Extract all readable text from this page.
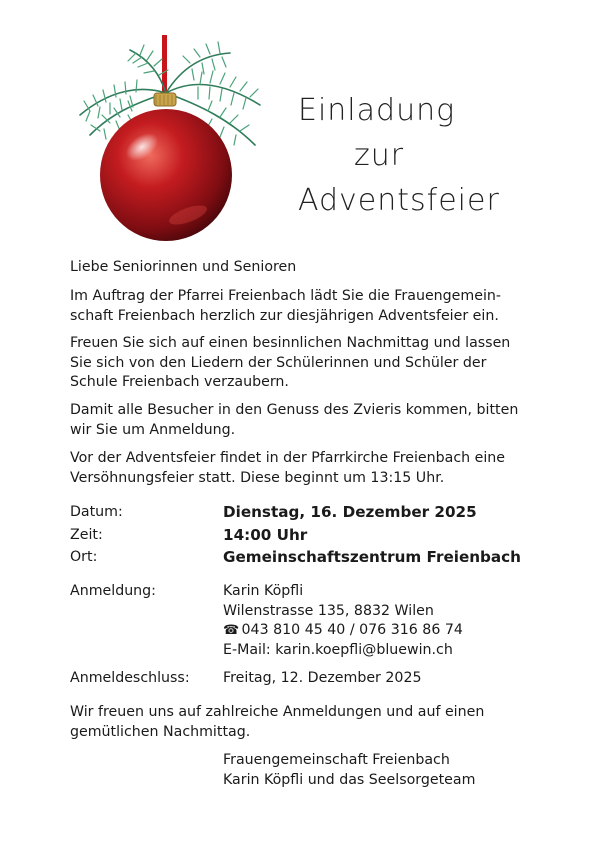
Einladung
zur
Adventsfeier
Liebe Seniorinnen und Senioren
Im Auftrag der Pfarrei Freienbach lädt Sie die Frauengemein-
schaft Freienbach herzlich zur diesjährigen Adventsfeier ein.
Freuen Sie sich auf einen besinnlichen Nachmittag und lassen
Sie sich von den Liedern der Schülerinnen und Schüler der
Schule Freienbach verzaubern.
Damit alle Besucher in den Genuss des Zvieris kommen, bitten
wir Sie um Anmeldung.
Vor der Adventsfeier findet in der Pfarrkirche Freienbach eine
Versöhnungsfeier statt. Diese beginnt um 13:15 Uhr.
Datum:	Dienstag, 16. Dezember 2025
Zeit:	14:00 Uhr
Ort:	Gemeinschaftszentrum Freienbach
Anmeldung:	Karin Köpfli
Wilenstrasse 135, 8832 Wilen
☎ 043 810 45 40 / 076 316 86 74
E-Mail: karin.koepfli@bluewin.ch
Anmeldeschluss: Freitag, 12. Dezember 2025
Wir freuen uns auf zahlreiche Anmeldungen und auf einen
gemütlichen Nachmittag.
Frauengemeinschaft Freienbach
Karin Köpfli und das Seelsorgeteam
